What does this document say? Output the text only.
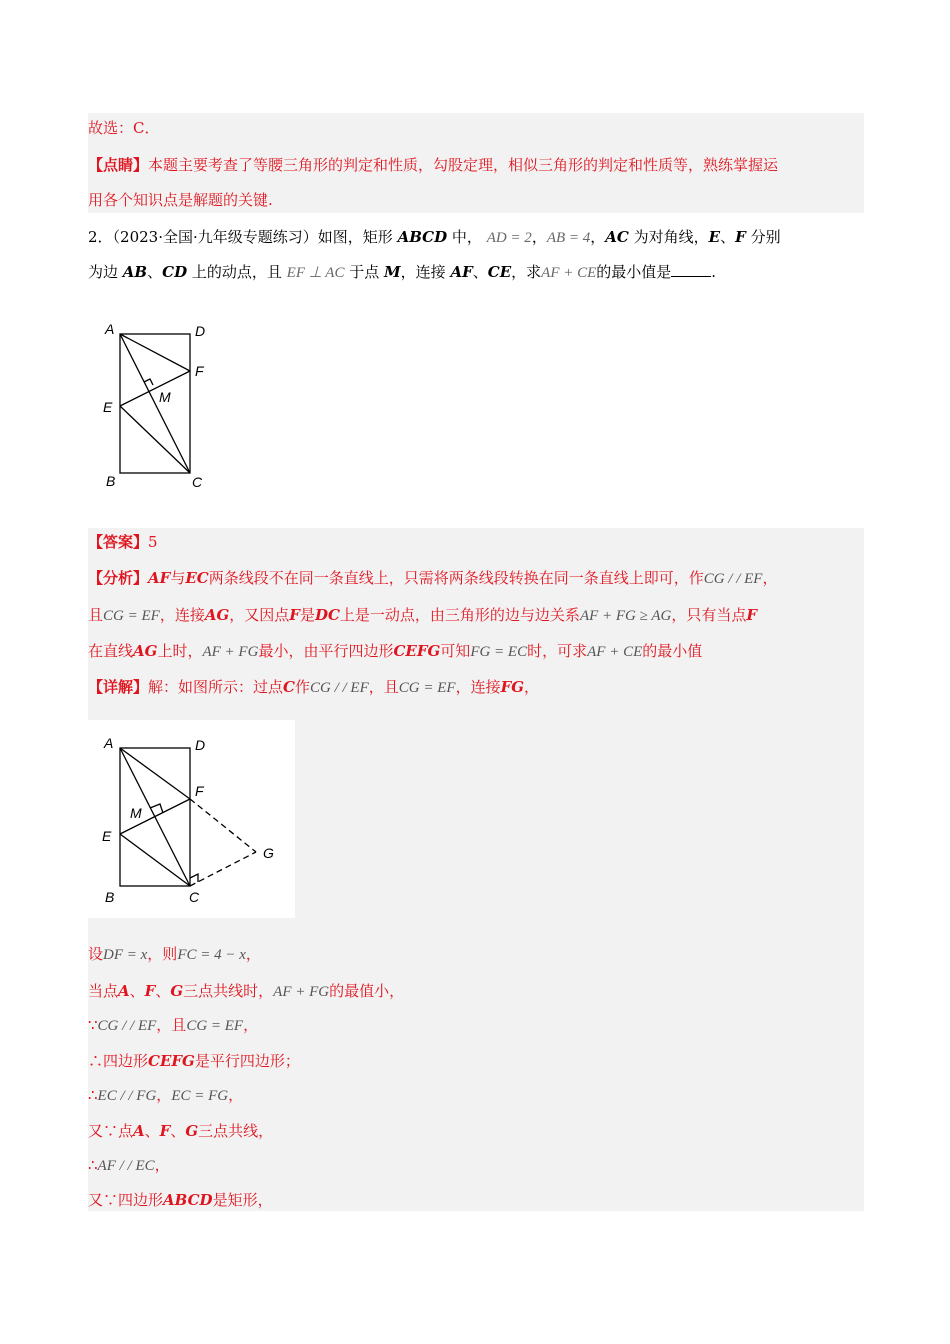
故选：C．
【点睛】本题主要考查了等腰三角形的判定和性质，勾股定理，相似三角形的判定和性质等，熟练掌握运
用各个知识点是解题的关键.
2．（2023·全国·九年级专题练习）如图，矩形 ABCD 中， AD = 2，AB = 4，AC 为对角线，E、F 分别
为边 AB、CD 上的动点，且 EF ⊥ AC 于点 M，连接 AF、CE，求AF + CE的最小值是	.
A	D
F
M
E
B	C
【答案】5
【分析】AF与EC两条线段不在同一条直线上，只需将两条线段转换在同一条直线上即可，作CG / / EF，
且CG = EF，连接AG，又因点F是DC上是一动点，由三角形的边与边关系AF + FG ≥ AG，只有当点F
在直线AG上时，AF + FG最小，由平行四边形CEFG可知FG = EC时，可求AF + CE的最小值
【详解】解：如图所示：过点C作CG / / EF，且CG = EF，连接FG，
A	D
F
M
E
G
B	C
设DF = x，则FC = 4 − x，
当点A、F、G三点共线时，AF + FG的最值小，
∵CG / / EF，且CG = EF，
∴四边形CEFG是平行四边形；
∴EC / / FG，EC = FG，
又∵点A、F、G三点共线，
∴AF / / EC，
又∵四边形ABCD是矩形，
